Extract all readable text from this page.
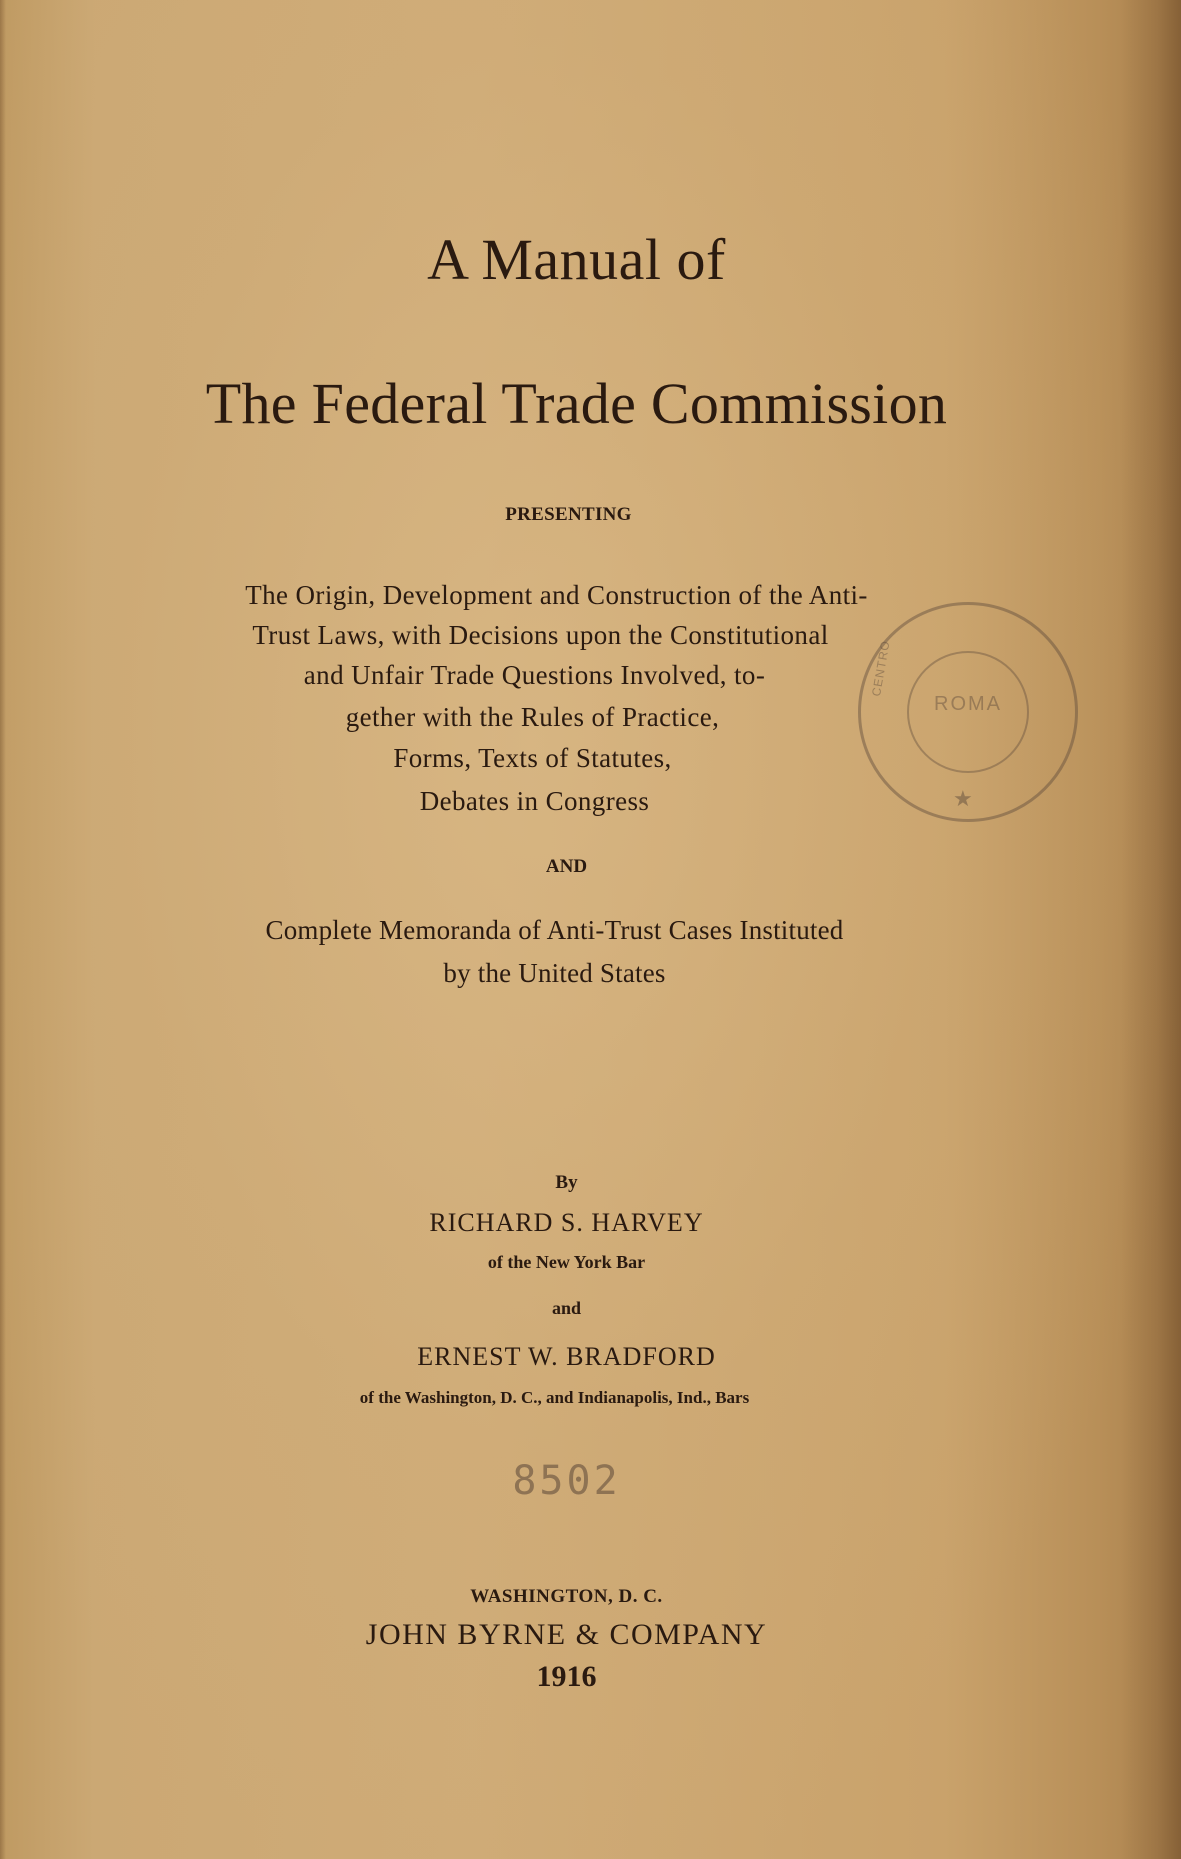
A Manual of
The Federal Trade Commission
PRESENTING
The Origin, Development and Construction of the Anti-
Trust Laws, with Decisions upon the Constitutional
and Unfair Trade Questions Involved, to-
gether with the Rules of Practice,
Forms, Texts of Statutes,
Debates in Congress
AND
Complete Memoranda of Anti-Trust Cases Instituted
by the United States
By
RICHARD S. HARVEY
of the New York Bar
and
ERNEST W. BRADFORD
of the Washington, D. C., and Indianapolis, Ind., Bars
8502
WASHINGTON, D. C.
JOHN BYRNE & COMPANY
1916
CENTRO
ROMA
★
